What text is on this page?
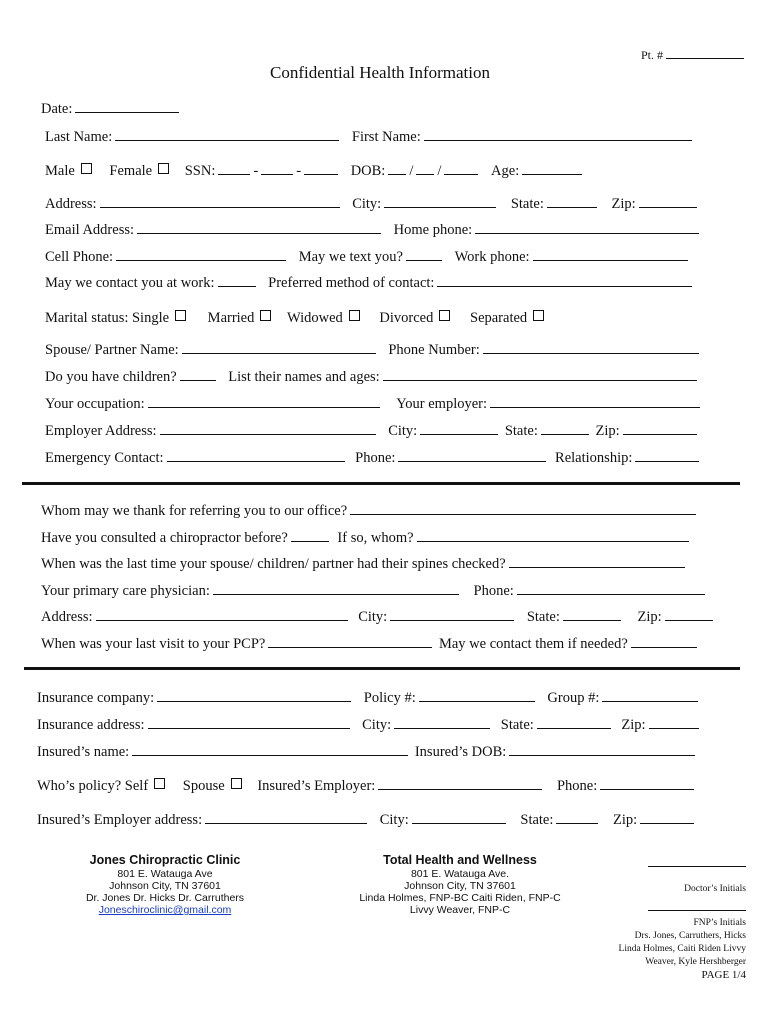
Pt. #
Confidential Health Information
Date:
Last Name:	First Name:
Male Female SSN:	-	-	DOB: / /	Age:
Address:	City:	State:	Zip:
Email Address:	Home phone:
Cell Phone:	May we text you?	Work phone:
May we contact you at work:	Preferred method of contact:
Marital status: Single	Married Widowed	Divorced	Separated
Spouse/ Partner Name:	Phone Number:
Do you have children?	List their names and ages:
Your occupation:	Your employer:
Employer Address:	City:	State:	Zip:
Emergency Contact:	Phone:	Relationship:
Whom may we thank for referring you to our office?
Have you consulted a chiropractor before?	If so, whom?
When was the last time your spouse/ children/ partner had their spines checked?
Your primary care physician:	Phone:
Address:	City:	State:	Zip:
When was your last visit to your PCP?	May we contact them if needed?
Insurance company:	Policy #:	Group #:
Insurance address:	City:	State:	Zip:
Insured’s name:	Insured’s DOB:
Who’s policy? Self Spouse Insured’s Employer:	Phone:
Insured’s Employer address:	City:	State:	Zip:
Jones Chiropractic Clinic
801 E. Watauga Ave
Johnson City, TN 37601
Dr. Jones Dr. Hicks Dr. Carruthers
Joneschiroclinic@gmail.com
Total Health and Wellness
801 E. Watauga Ave.
Johnson City, TN 37601
Linda Holmes, FNP-BC Caiti Riden, FNP-C
Livvy Weaver, FNP-C
Doctor’s Initials
FNP’s Initials
Drs. Jones, Carruthers, Hicks
Linda Holmes, Caiti Riden Livvy
Weaver, Kyle Hershberger
PAGE 1/4
